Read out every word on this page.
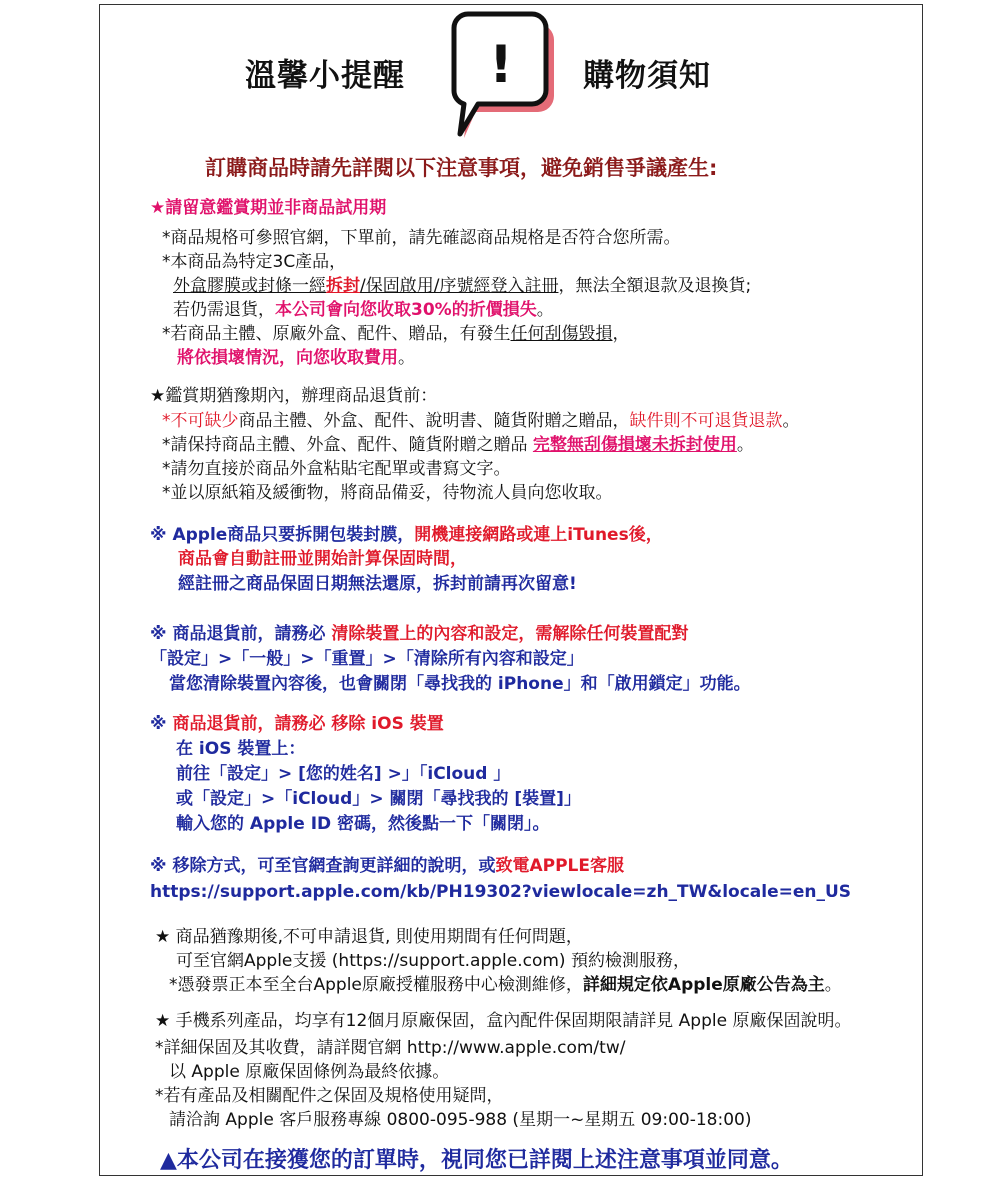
溫馨小提醒 ! 購物須知
訂購商品時請先詳閱以下注意事項，避免銷售爭議產生:
★請留意鑑賞期並非商品試用期
*商品規格可參照官網，下單前，請先確認商品規格是否符合您所需。
*本商品為特定3C產品，
外盒膠膜或封條一經拆封/保固啟用/序號經登入註冊，無法全額退款及退換貨;
若仍需退貨，本公司會向您收取30%的折價損失。
*若商品主體、原廠外盒、配件、贈品，有發生任何刮傷毀損，
將依損壞情況，向您收取費用。
★鑑賞期猶豫期內，辦理商品退貨前：
*不可缺少商品主體、外盒、配件、說明書、隨貨附贈之贈品，缺件則不可退貨退款。
*請保持商品主體、外盒、配件、隨貨附贈之贈品 完整無刮傷損壞未拆封使用。
*請勿直接於商品外盒粘貼宅配單或書寫文字。
*並以原紙箱及緩衝物，將商品備妥，待物流人員向您收取。
※ Apple商品只要拆開包裝封膜，開機連接網路或連上iTunes後，
商品會自動註冊並開始計算保固時間，
經註冊之商品保固日期無法還原，拆封前請再次留意!
※ 商品退貨前，請務必 清除裝置上的內容和設定，需解除任何裝置配對
「設定」>「一般」>「重置」>「清除所有內容和設定」
當您清除裝置內容後，也會關閉「尋找我的 iPhone」和「啟用鎖定」功能。
※ 商品退貨前，請務必 移除 iOS 裝置
在 iOS 裝置上：
前往「設定」> [您的姓名] >」「iCloud 」
或「設定」>「iCloud」> 關閉「尋找我的 [裝置]」
輸入您的 Apple ID 密碼，然後點一下「關閉」。
※ 移除方式，可至官網查詢更詳細的說明，或致電APPLE客服
https://support.apple.com/kb/PH19302?viewlocale=zh_TW&locale=en_US
★ 商品猶豫期後,不可申請退貨, 則使用期間有任何問題，
可至官網Apple支援 (https://support.apple.com) 預約檢測服務，
*憑發票正本至全台Apple原廠授權服務中心檢測維修，詳細規定依Apple原廠公告為主。
★ 手機系列產品，均享有12個月原廠保固，盒內配件保固期限請詳見 Apple 原廠保固說明。
*詳細保固及其收費，請詳閱官網 http://www.apple.com/tw/
以 Apple 原廠保固條例為最終依據。
*若有產品及相關配件之保固及規格使用疑問，
請洽詢 Apple 客戶服務專線 0800-095-988 (星期一~星期五 09:00-18:00)
▲本公司在接獲您的訂單時，視同您已詳閱上述注意事項並同意。
